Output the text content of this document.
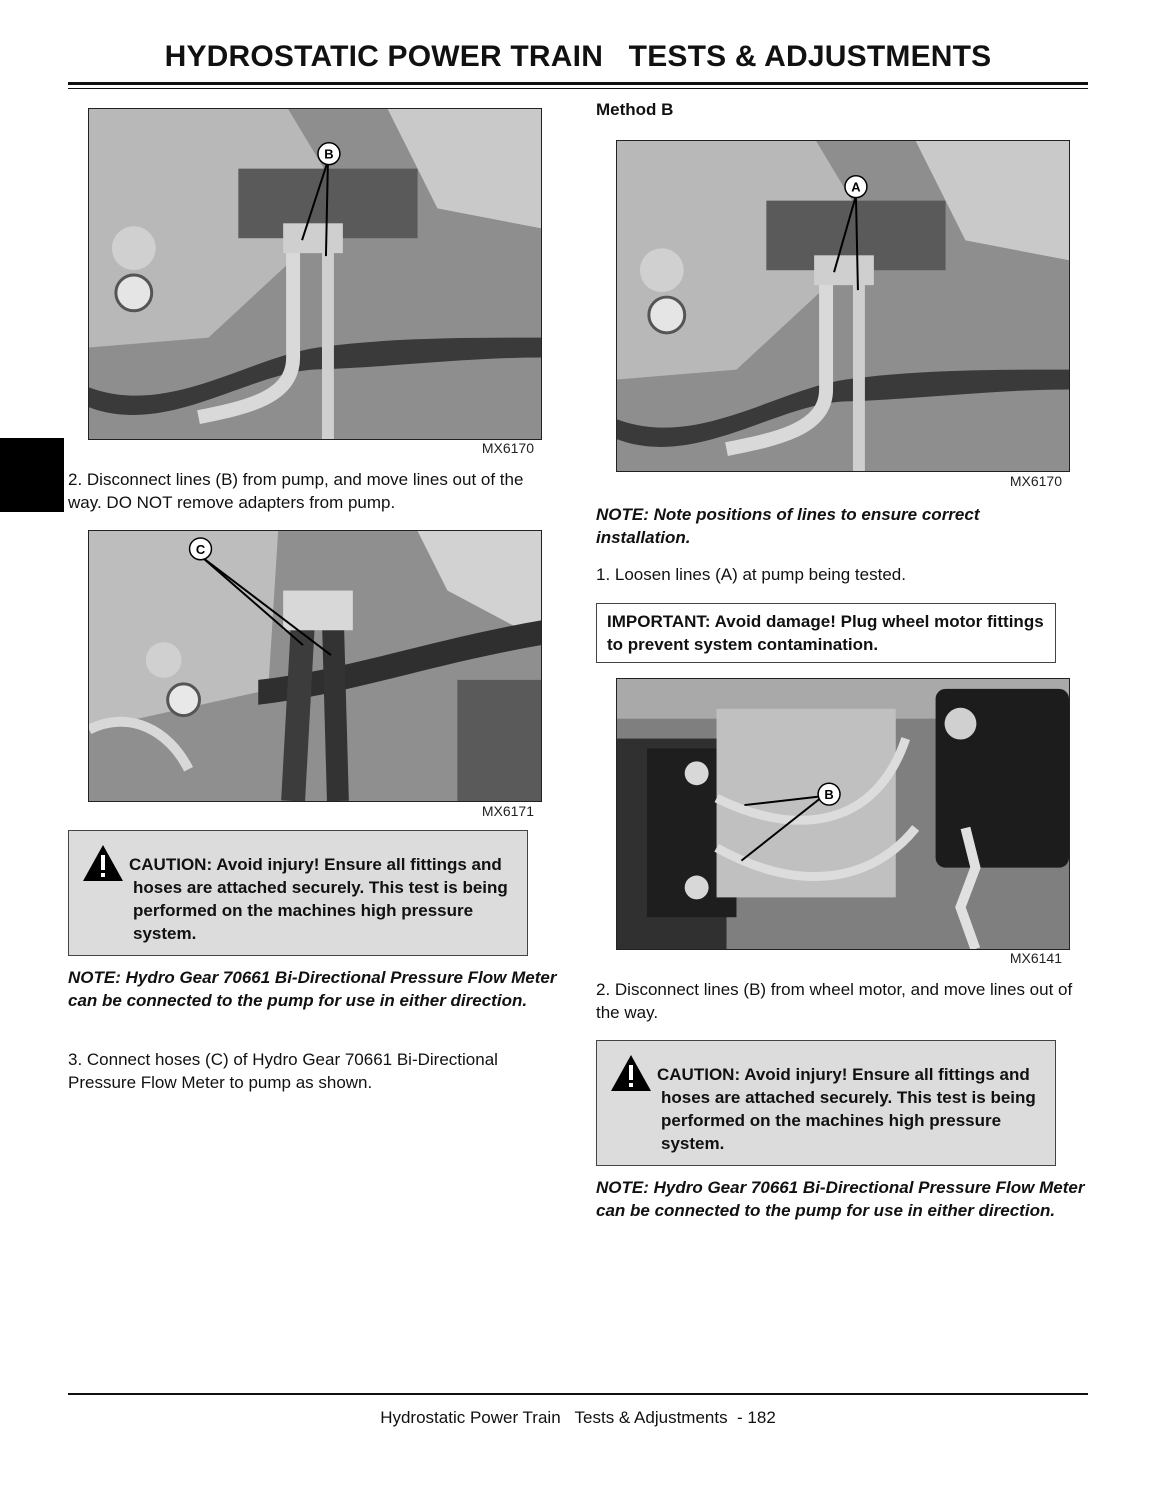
HYDROSTATIC POWER TRAIN   TESTS & ADJUSTMENTS
B
MX6170
2. Disconnect lines (B) from pump, and move lines out of the way. DO NOT remove adapters from pump.
C
MX6171
CAUTION: Avoid injury! Ensure all fittings and hoses are attached securely. This test is being performed on the machines high pressure system.
NOTE: Hydro Gear 70661 Bi-Directional Pressure Flow Meter can be connected to the pump for use in either direction.
3. Connect hoses (C) of Hydro Gear 70661 Bi-Directional Pressure Flow Meter to pump as shown.
Method B
A
MX6170
NOTE: Note positions of lines to ensure correct installation.
1. Loosen lines (A) at pump being tested.
IMPORTANT: Avoid damage! Plug wheel motor fittings to prevent system contamination.
B
MX6141
2. Disconnect lines (B) from wheel motor, and move lines out of the way.
CAUTION: Avoid injury! Ensure all fittings and hoses are attached securely. This test is being performed on the machines high pressure system.
NOTE: Hydro Gear 70661 Bi-Directional Pressure Flow Meter can be connected to the pump for use in either direction.
Hydrostatic Power Train   Tests & Adjustments  - 182
